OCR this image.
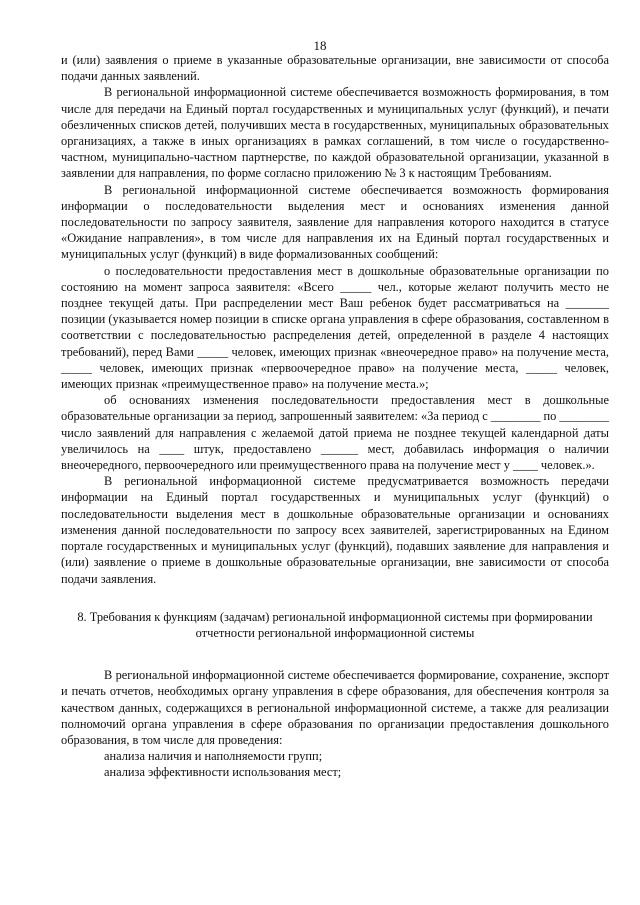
18

и (или) заявления о приеме в указанные образовательные организации, вне зависимости от способа подачи данных заявлений.

В региональной информационной системе обеспечивается возможность формирования, в том числе для передачи на Единый портал государственных и муниципальных услуг (функций), и печати обезличенных списков детей, получивших места в государственных, муниципальных образовательных организациях, а также в иных организациях в рамках соглашений, в том числе о государственно-частном, муниципально-частном партнерстве, по каждой образовательной организации, указанной в заявлении для направления, по форме согласно приложению № 3 к настоящим Требованиям.

В региональной информационной системе обеспечивается возможность формирования информации о последовательности выделения мест и основаниях изменения данной последовательности по запросу заявителя, заявление для направления которого находится в статусе «Ожидание направления», в том числе для направления их на Единый портал государственных и муниципальных услуг (функций) в виде формализованных сообщений:

о последовательности предоставления мест в дошкольные образовательные организации по состоянию на момент запроса заявителя: «Всего _____ чел., которые желают получить место не позднее текущей даты. При распределении мест Ваш ребенок будет рассматриваться на _______ позиции (указывается номер позиции в списке органа управления в сфере образования, составленном в соответствии с последовательностью распределения детей, определенной в разделе 4 настоящих требований), перед Вами _____ человек, имеющих признак «внеочередное право» на получение места, _____ человек, имеющих признак «первоочередное право» на получение места, _____ человек, имеющих признак «преимущественное право» на получение места.»;

об основаниях изменения последовательности предоставления мест в дошкольные образовательные организации за период, запрошенный заявителем: «За период с ________ по ________ число заявлений для направления с желаемой датой приема не позднее текущей календарной даты увеличилось на ____ штук, предоставлено ______ мест, добавилась информация о наличии внеочередного, первоочередного или преимущественного права на получение мест у ____ человек.».

В региональной информационной системе предусматривается возможность передачи информации на Единый портал государственных и муниципальных услуг (функций) о последовательности выделения мест в дошкольные образовательные организации и основаниях изменения данной последовательности по запросу всех заявителей, зарегистрированных на Едином портале государственных и муниципальных услуг (функций), подавших заявление для направления и (или) заявление о приеме в дошкольные образовательные организации, вне зависимости от способа подачи заявления.

8. Требования к функциям (задачам) региональной информационной системы при формировании отчетности региональной информационной системы

В региональной информационной системе обеспечивается формирование, сохранение, экспорт и печать отчетов, необходимых органу управления в сфере образования, для обеспечения контроля за качеством данных, содержащихся в региональной информационной системе, а также для реализации полномочий органа управления в сфере образования по организации предоставления дошкольного образования, в том числе для проведения:

анализа наличия и наполняемости групп;

анализа эффективности использования мест;
